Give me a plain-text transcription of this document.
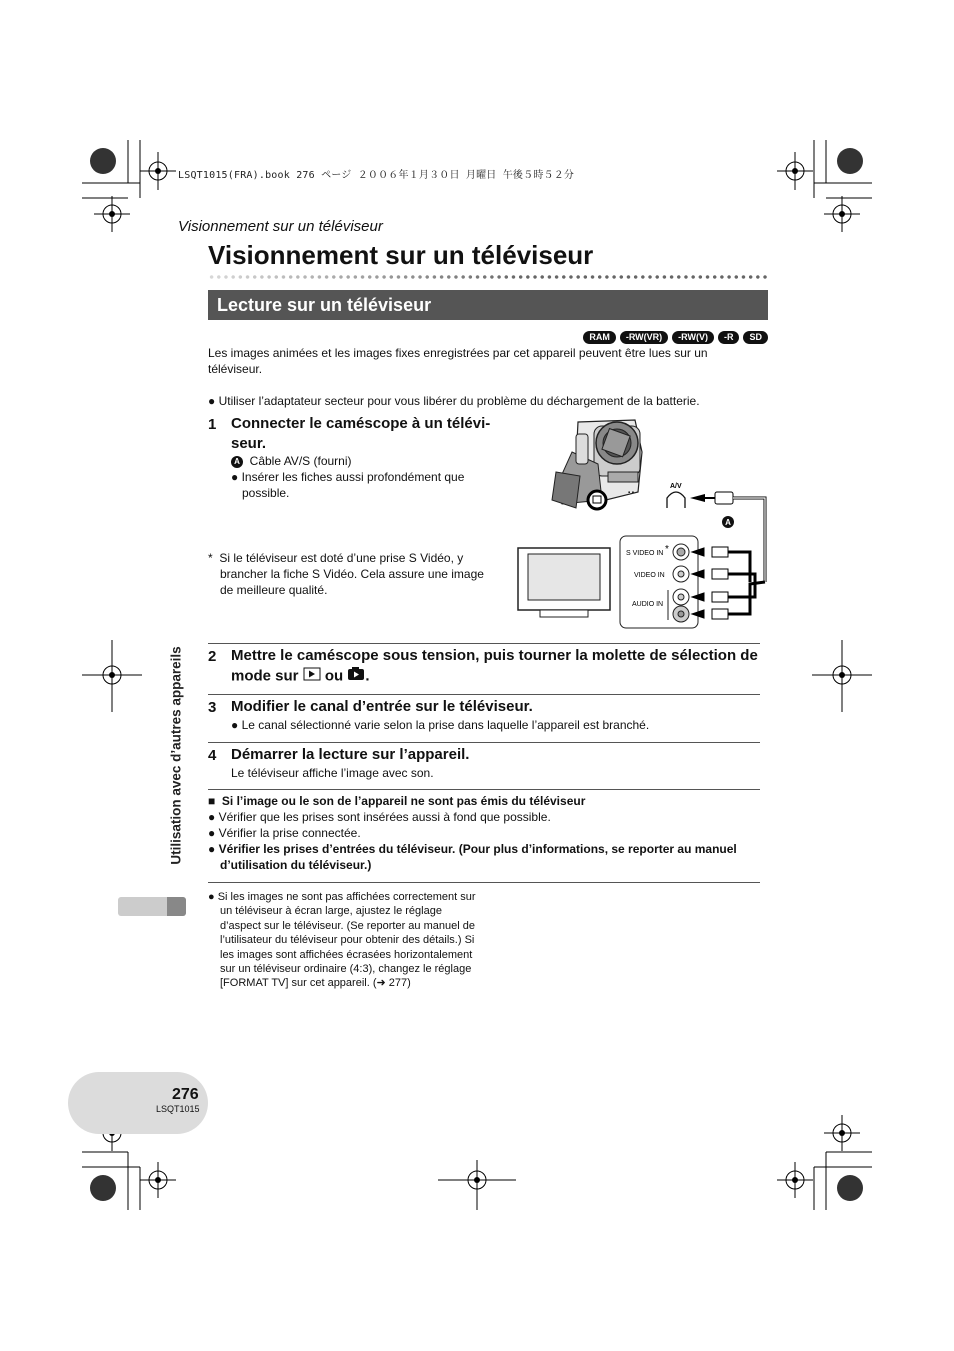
LSQT1015(FRA).book 276 ページ ２００６年１月３０日 月曜日 午後５時５２分
Visionnement sur un téléviseur
Visionnement sur un téléviseur
Lecture sur un téléviseur
RAM	-RW(VR)	-RW(V)	-R	SD
Les images animées et les images fixes enregistrées par cet appareil peuvent être lues sur un téléviseur.
● Utiliser l’adaptateur secteur pour vous libérer du problème du déchargement de la batterie.
1 Connecter le caméscope à un télévi-seur.
A Câble AV/S (fourni)
● Insérer les fiches aussi profondément que possible.
* Si le téléviseur est doté d’une prise S Vidéo, y brancher la fiche S Vidéo. Cela assure une image de meilleure qualité.
▪ ▪
A/V
A
S VIDEO IN *
VIDEO IN
AUDIO IN
2 Mettre le caméscope sous tension, puis tourner la molette de sélection de mode sur ou .
3 Modifier le canal d’entrée sur le téléviseur.
● Le canal sélectionné varie selon la prise dans laquelle l’appareil est branché.
4 Démarrer la lecture sur l’appareil.
Le téléviseur affiche l’image avec son.
■ Si l’image ou le son de l’appareil ne sont pas émis du téléviseur
● Vérifier que les prises sont insérées aussi à fond que possible.
● Vérifier la prise connectée.
● Vérifier les prises d’entrées du téléviseur. (Pour plus d’informations, se reporter au manuel d’utilisation du téléviseur.)
● Si les images ne sont pas affichées correctement sur un téléviseur à écran large, ajustez le réglage d’aspect sur le téléviseur. (Se reporter au manuel de l’utilisateur du téléviseur pour obtenir des détails.) Si les images sont affichées écrasées horizontalement sur un téléviseur ordinaire (4:3), changez le réglage [FORMAT TV] sur cet appareil. (➜ 277)
Utilisation avec d’autres appareils
276
LSQT1015
